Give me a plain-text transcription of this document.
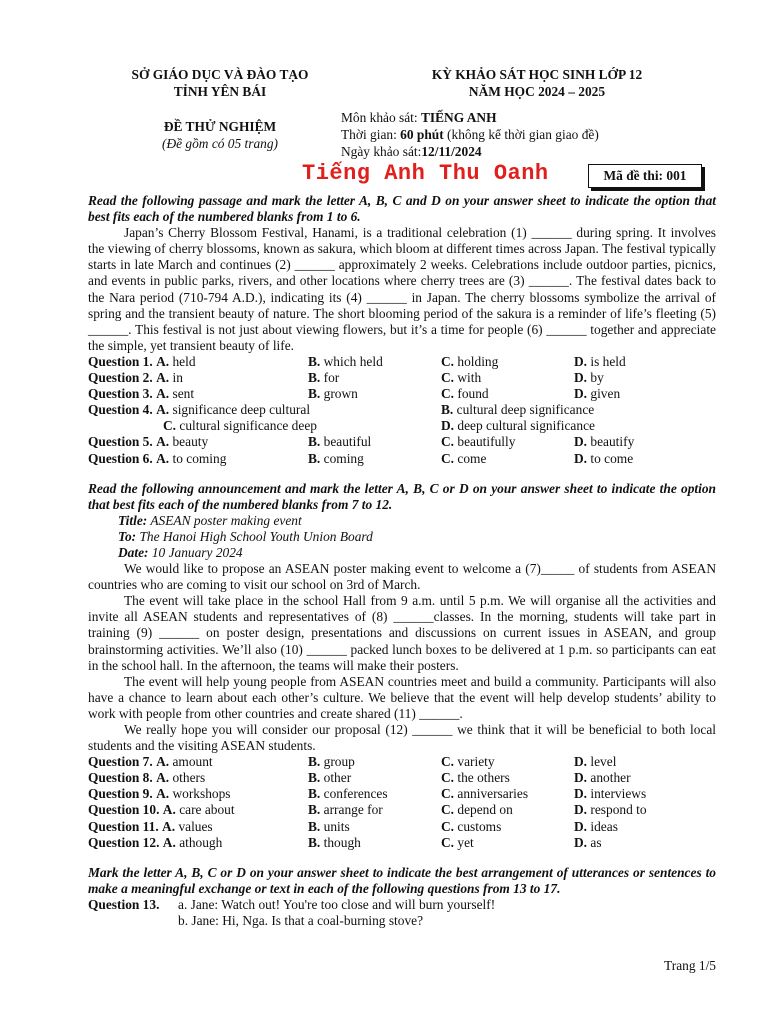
SỞ GIÁO DỤC VÀ ĐÀO TẠO
TỈNH YÊN BÁI
KỲ KHẢO SÁT HỌC SINH LỚP 12
NĂM HỌC 2024 – 2025
ĐỀ THỬ NGHIỆM
(Đề gồm có 05 trang)
Môn khảo sát: TIẾNG ANH
Thời gian: 60 phút (không kể thời gian giao đề)
Ngày khảo sát:12/11/2024
Tiếng Anh Thu Oanh	Mã đề thi: 001

Read the following passage and mark the letter A, B, C and D on your answer sheet to indicate the option that best fits each of the numbered blanks from 1 to 6.

Japan’s Cherry Blossom Festival, Hanami, is a traditional celebration (1) ______ during spring. It involves the viewing of cherry blossoms, known as sakura, which bloom at different times across Japan. The festival typically starts in late March and continues (2) ______ approximately 2 weeks. Celebrations include outdoor parties, picnics, and events in public parks, rivers, and other locations where cherry trees are (3) ______. The festival dates back to the Nara period (710-794 A.D.), indicating its (4) ______ in Japan. The cherry blossoms symbolize the arrival of spring and the transient beauty of nature. The short blooming period of the sakura is a reminder of life’s fleeting (5) ______. This festival is not just about viewing flowers, but it’s a time for people (6) ______ together and appreciate the simple, yet transient beauty of life.

Question 1. A. held	B. which held	C. holding	D. is held
Question 2. A. in	B. for	C. with	D. by
Question 3. A. sent	B. grown	C. found	D. given
Question 4. A. significance deep cultural	B. cultural deep significance
C. cultural significance deep	D. deep cultural significance
Question 5. A. beauty	B. beautiful	C. beautifully	D. beautify
Question 6. A. to coming	B. coming	C. come	D. to come

Read the following announcement and mark the letter A, B, C or D on your answer sheet to indicate the option that best fits each of the numbered blanks from 7 to 12.

Title: ASEAN poster making event
To: The Hanoi High School Youth Union Board
Date: 10 January 2024

We would like to propose an ASEAN poster making event to welcome a (7)_____ of students from ASEAN countries who are coming to visit our school on 3rd of March.

The event will take place in the school Hall from 9 a.m. until 5 p.m. We will organise all the activities and invite all ASEAN students and representatives of (8) ______classes. In the morning, students will take part in training (9) ______ on poster design, presentations and discussions on current issues in ASEAN, and group brainstorming activities. We’ll also (10) ______ packed lunch boxes to be delivered at 1 p.m. so participants can eat in the school hall. In the afternoon, the teams will make their posters.

The event will help young people from ASEAN countries meet and build a community. Participants will also have a chance to learn about each other’s culture. We believe that the event will help develop students’ ability to work with people from other countries and create shared (11) ______.

We really hope you will consider our proposal (12) ______ we think that it will be beneficial to both local students and the visiting ASEAN students.

Question 7. A. amount	B. group	C. variety	D. level
Question 8. A. others	B. other	C. the others	D. another
Question 9. A. workshops	B. conferences	C. anniversaries	D. interviews
Question 10. A. care about	B. arrange for	C. depend on	D. respond to
Question 11. A. values	B. units	C. customs	D. ideas
Question 12. A. athough	B. though	C. yet	D. as

Mark the letter A, B, C or D on your answer sheet to indicate the best arrangement of utterances or sentences to make a meaningful exchange or text in each of the following questions from 13 to 17.

Question 13.	a. Jane: Watch out! You're too close and will burn yourself!
b. Jane: Hi, Nga. Is that a coal-burning stove?
Trang 1/5
